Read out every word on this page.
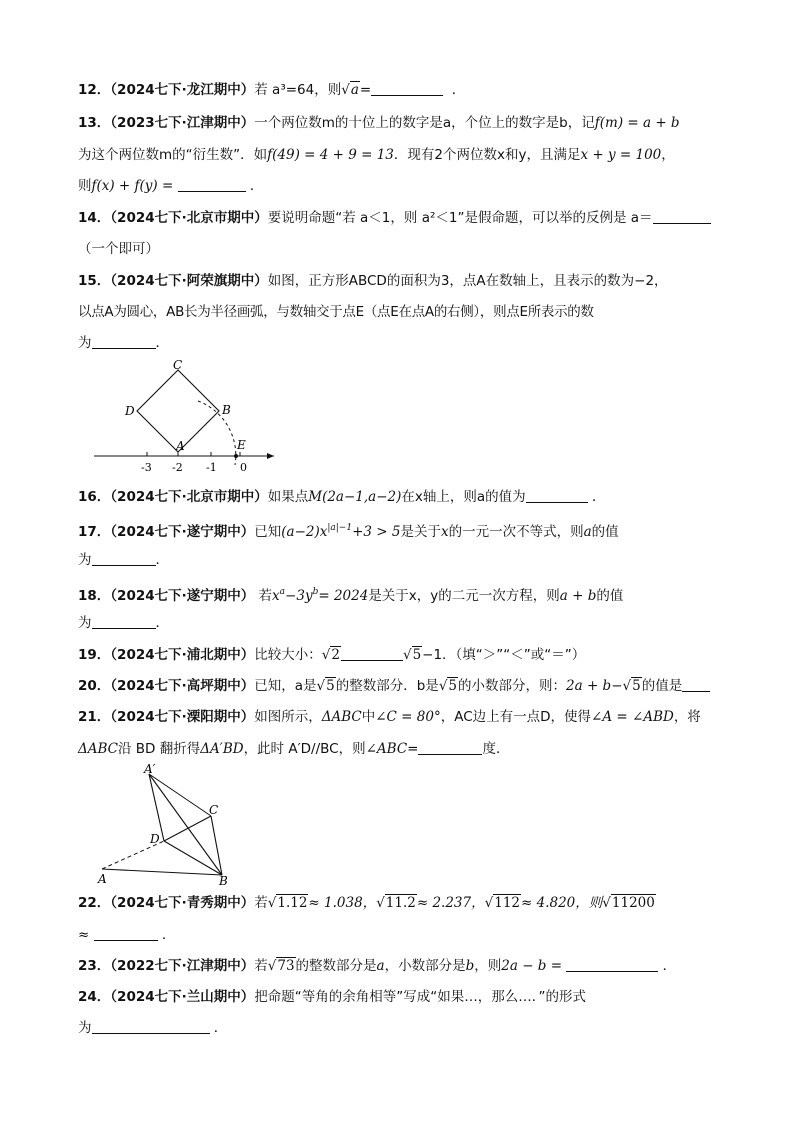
12．（2024七下·龙江期中）若 a³=64，则√a=	．
13．（2023七下·江津期中）一个两位数m的十位上的数字是a，个位上的数字是b，记f(m) = a + b
为这个两位数m的“衍生数”．如f(49) = 4 + 9 = 13．现有2个两位数x和y，且满足x + y = 100，
则f(x) + f(y) =	．
14．（2024七下·北京市期中）要说明命题“若 a＜1，则 a²＜1”是假命题，可以举的反例是 a＝
（一个即可）
15．（2024七下·阿荣旗期中）如图，正方形ABCD的面积为3，点A在数轴上，且表示的数为−2，
以点A为圆心，AB长为半径画弧，与数轴交于点E（点E在点A的右侧），则点E所表示的数
为	．
C
D	B
A	E
-3 -2 -1 0
16．（2024七下·北京市期中）如果点M(2a−1,a−2)在x轴上，则a的值为	．
17．（2024七下·遂宁期中）已知$(a-2)x^{|a|-1}+3 > 5$是关于x的一元一次不等式，则a的值
为	．
18．（2024七下·遂宁期中） 若$x^a-3y^b= 2024$是关于x，y的二元一次方程，则a + b的值
为	．
19．（2024七下·浦北期中）比较大小：√2	√5−1．（填“＞”“＜”或“＝”）
20．（2024七下·高坪期中）已知，a是√5的整数部分．b是√5的小数部分，则：2a + b−√5的值是
21．（2024七下·溧阳期中）如图所示，ΔABC中∠C = 80°，AC边上有一点D，使得∠A = ∠ABD，将
ΔABC沿 BD 翻折得ΔA′BD，此时 A′D//BC，则∠ABC=	度．
A′
C
D
A	B
22．（2024七下·青秀期中）若√1.12≈ 1.038，√11.2≈ 2.237，√112≈ 4.820，则√11200
≈	．
23．（2022七下·江津期中）若√73的整数部分是a，小数部分是b，则2a − b =	．
24．（2024七下·兰山期中）把命题“等角的余角相等”写成“如果…，那么…．”的形式
为	．
